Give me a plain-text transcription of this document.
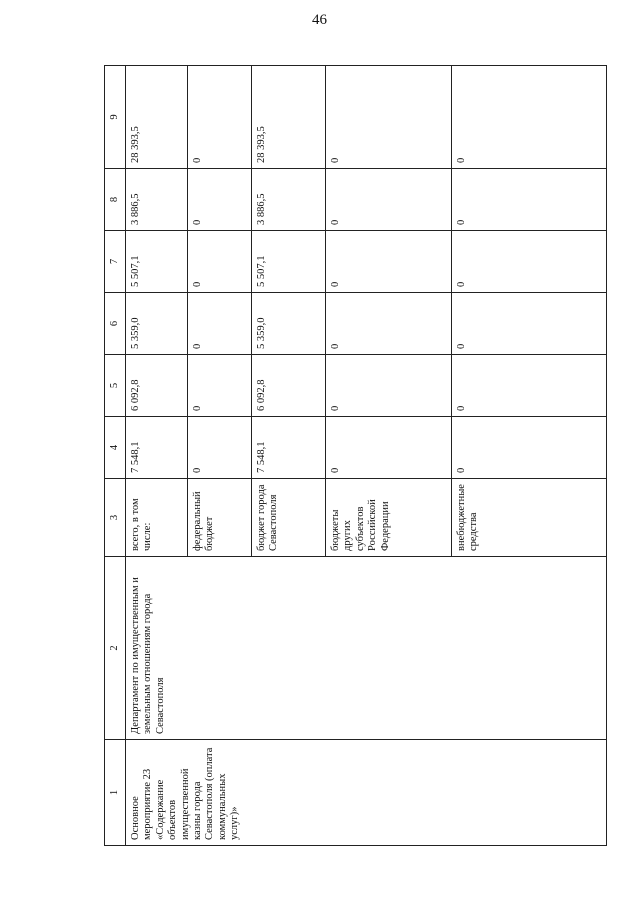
46
1	2	3	4	5	6	7	8	9
Основное мероприятие 23 «Содержание объектов имущественной казны города Севастополя (оплата коммунальных услуг)»	Департамент по имущественным и земельным отношениям города Севастополя	всего, в том числе:	7 548,1	6 092,8	5 359,0	5 507,1	3 886,5	28 393,5
		федеральный бюджет	0	0	0	0	0	0
		бюджет города Севастополя	7 548,1	6 092,8	5 359,0	5 507,1	3 886,5	28 393,5
		бюджеты других субъектов Российской Федерации	0	0	0	0	0	0
		внебюджетные средства	0	0	0	0	0	0
